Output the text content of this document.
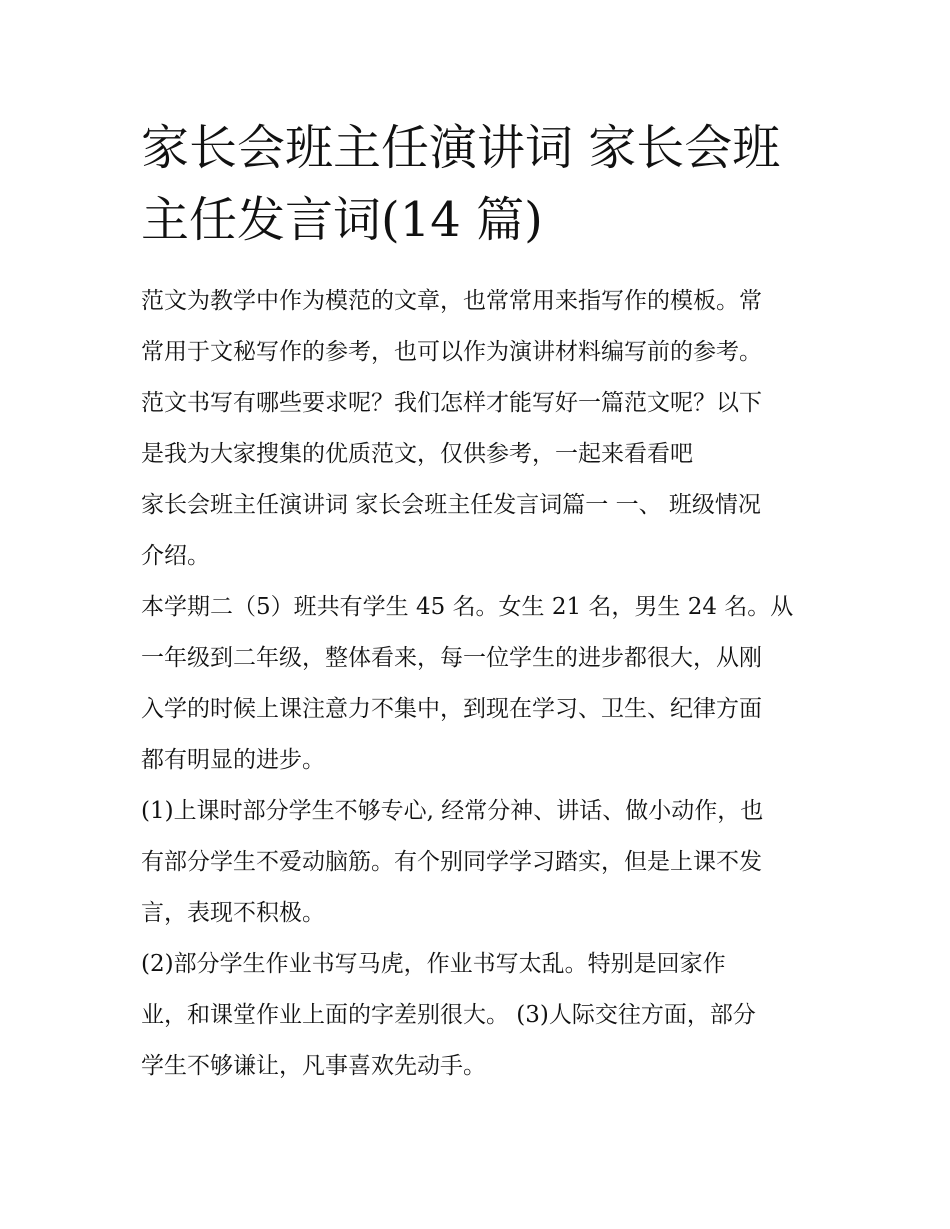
家长会班主任演讲词 家长会班
主任发言词(14 篇)
范文为教学中作为模范的文章，也常常用来指写作的模板。常
常用于文秘写作的参考，也可以作为演讲材料编写前的参考。
范文书写有哪些要求呢？我们怎样才能写好一篇范文呢？以下
是我为大家搜集的优质范文，仅供参考，一起来看看吧
家长会班主任演讲词 家长会班主任发言词篇一 一、 班级情况
介绍。
本学期二（5）班共有学生 45 名。女生 21 名，男生 24 名。从
一年级到二年级，整体看来，每一位学生的进步都很大，从刚
入学的时候上课注意力不集中，到现在学习、卫生、纪律方面
都有明显的进步。
(1)上课时部分学生不够专心, 经常分神、讲话、做小动作，也
有部分学生不爱动脑筋。有个别同学学习踏实，但是上课不发
言，表现不积极。
(2)部分学生作业书写马虎，作业书写太乱。特别是回家作
业，和课堂作业上面的字差别很大。 (3)人际交往方面，部分
学生不够谦让，凡事喜欢先动手。
